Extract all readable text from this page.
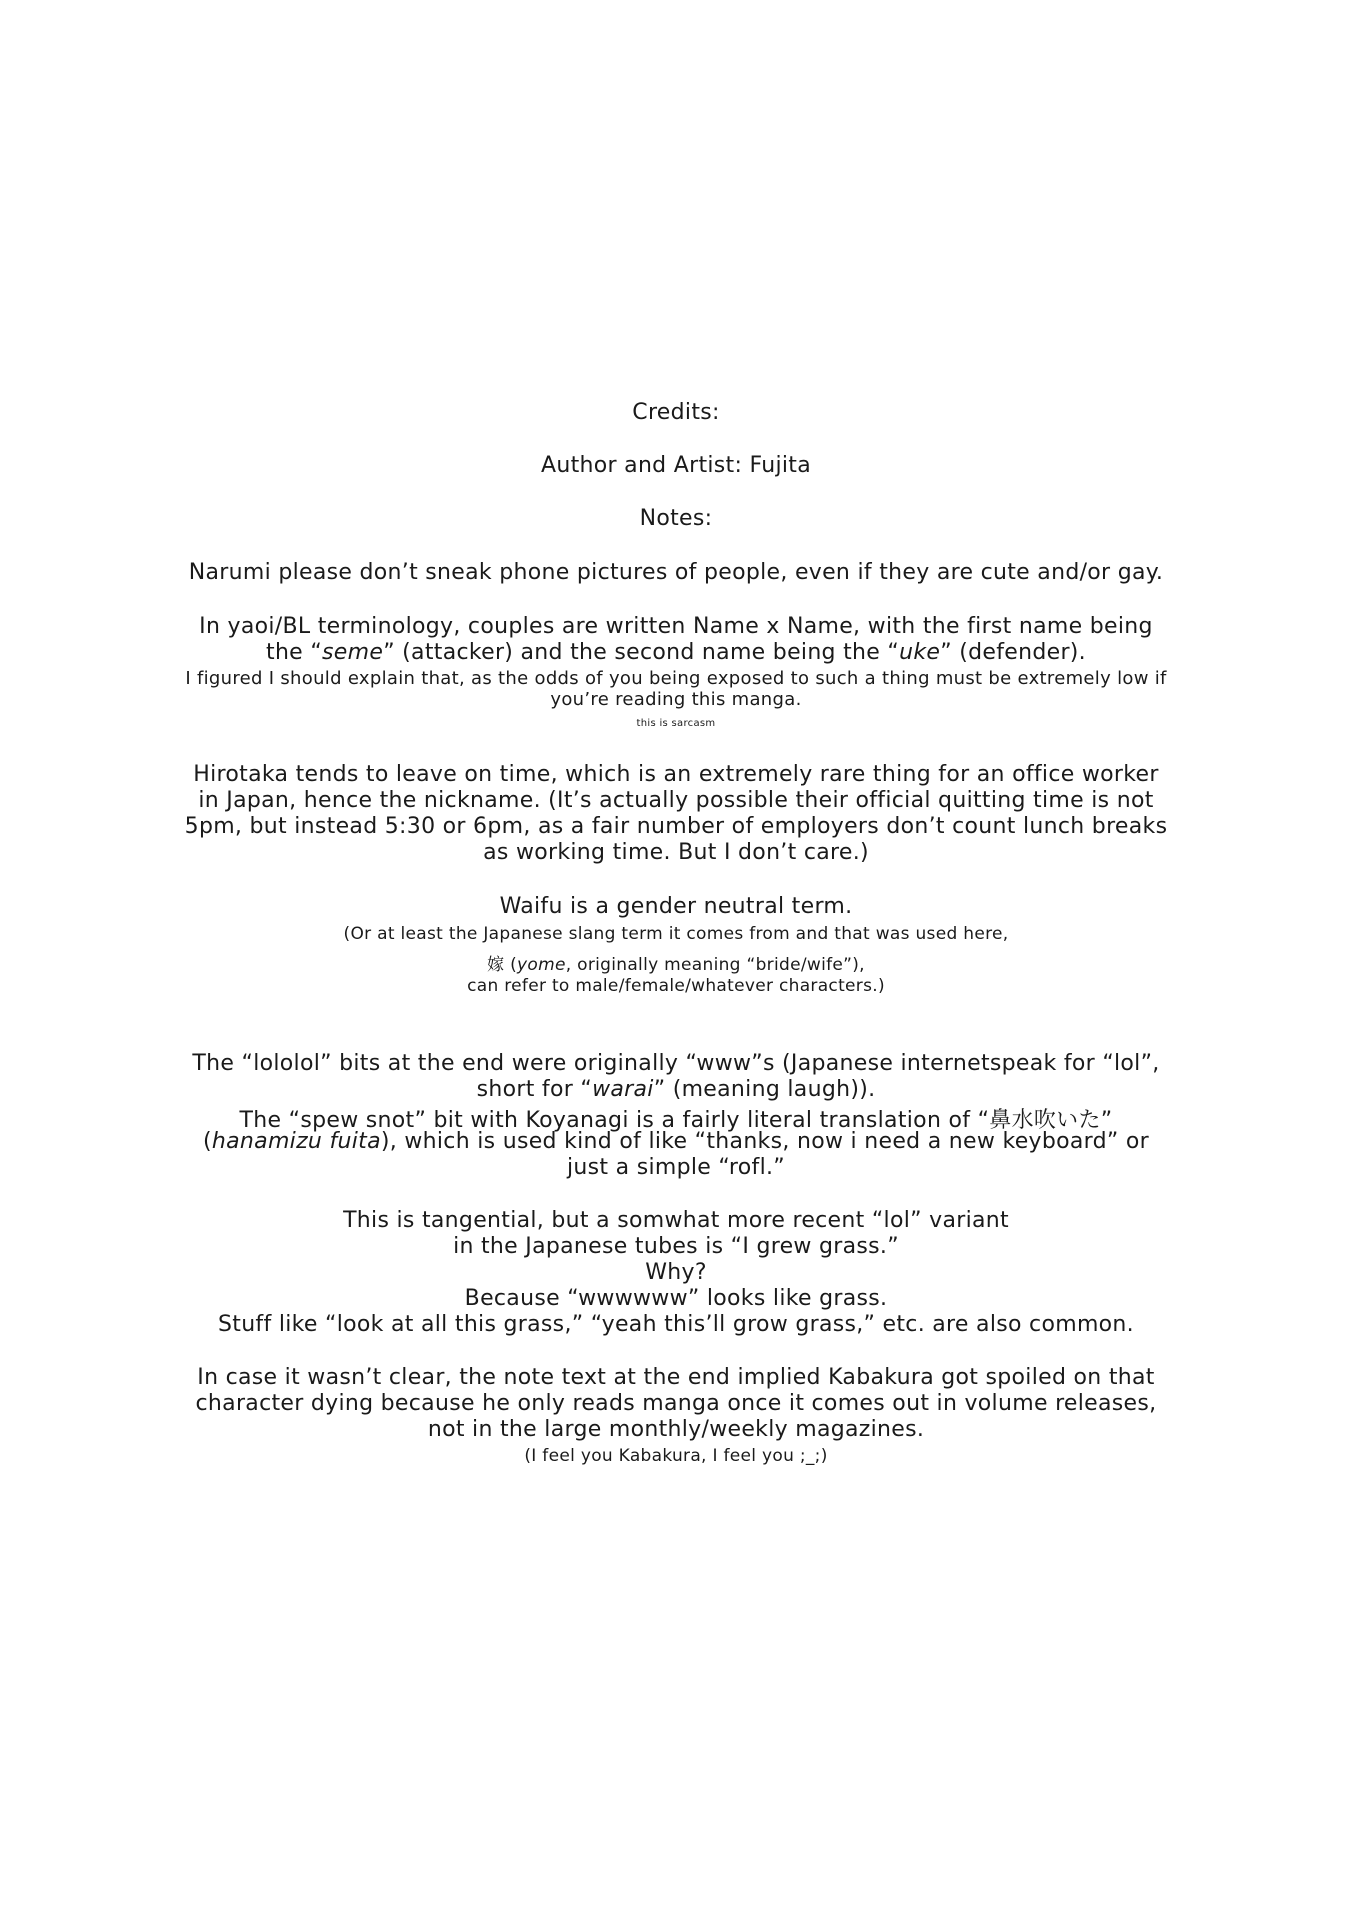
Credits:
Author and Artist: Fujita
Notes:
Narumi please don’t sneak phone pictures of people, even if they are cute and/or gay.
In yaoi/BL terminology, couples are written Name x Name, with the first name being
the “seme” (attacker) and the second name being the “uke” (defender).
I figured I should explain that, as the odds of you being exposed to such a thing must be extremely low if
you’re reading this manga.
this is sarcasm
Hirotaka tends to leave on time, which is an extremely rare thing for an office worker
in Japan, hence the nickname. (It’s actually possible their official quitting time is not
5pm, but instead 5:30 or 6pm, as a fair number of employers don’t count lunch breaks
as working time. But I don’t care.)
Waifu is a gender neutral term.
(Or at least the Japanese slang term it comes from and that was used here,
嫁 (yome, originally meaning “bride/wife”),
can refer to male/female/whatever characters.)
The “lololol” bits at the end were originally “www”s (Japanese internetspeak for “lol”,
short for “warai” (meaning laugh)).
The “spew snot” bit with Koyanagi is a fairly literal translation of “鼻水吹いた”
(hanamizu fuita), which is used kind of like “thanks, now i need a new keyboard” or
just a simple “rofl.”
This is tangential, but a somwhat more recent “lol” variant
in the Japanese tubes is “I grew grass.”
Why?
Because “wwwwww” looks like grass.
Stuff like “look at all this grass,” “yeah this’ll grow grass,” etc. are also common.
In case it wasn’t clear, the note text at the end implied Kabakura got spoiled on that
character dying because he only reads manga once it comes out in volume releases,
not in the large monthly/weekly magazines.
(I feel you Kabakura, I feel you ;_;)
